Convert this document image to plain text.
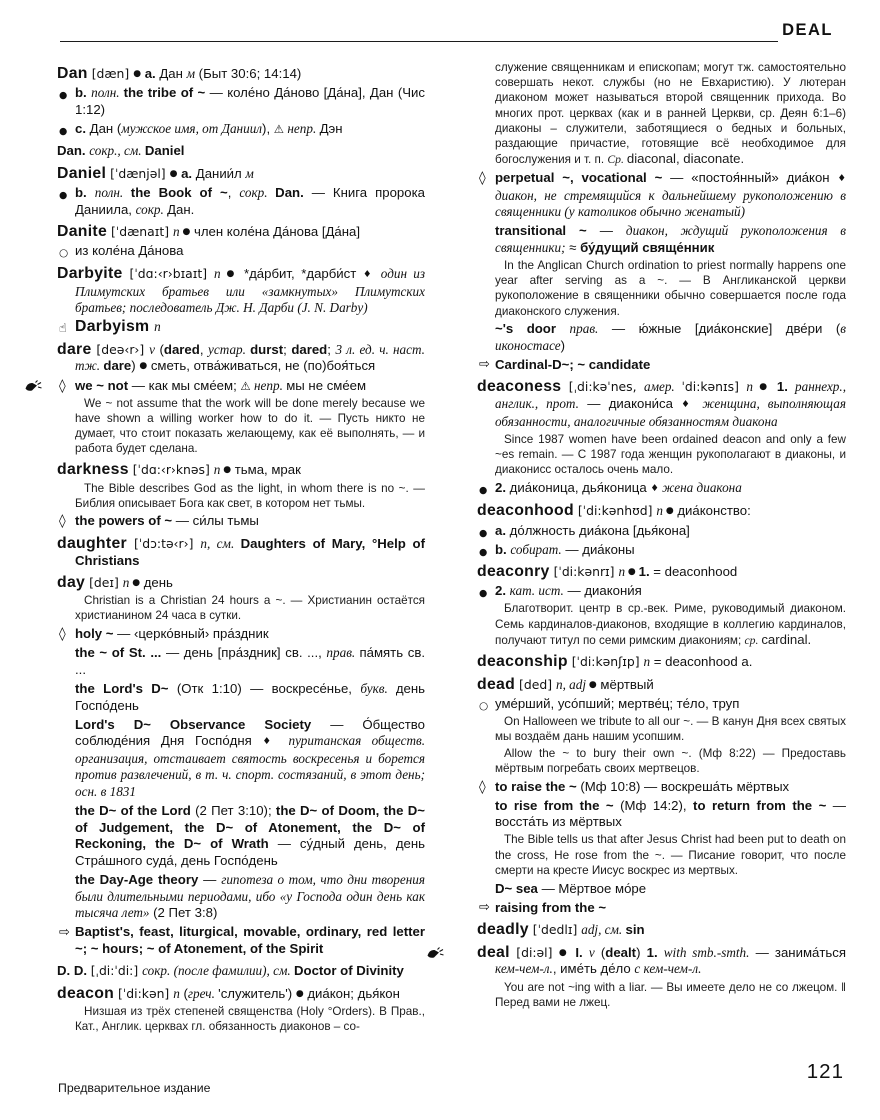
DEAL

Dan [dæn] ● a. Дан м (Быт 30:6; 14:14)

● b. полн. the tribe of ~ — коле́но Да́ново [Да́на], Дан (Чис 1:12)

● c. Дан (мужское имя, от Даниил), ⚠ непр. Дэн

Dan. сокр., см. Daniel

Daniel [ˈdænjəl] ● a. Дании́л м

● b. полн. the Book of ~, сокр. Dan. — Книга пророка Даниила, сокр. Дан.

Danite [ˈdænaɪt] n ● член коле́на Да́нова [Да́на]

○ из коле́на Да́нова

Darbyite [ˈdɑ:‹r›bɪaɪt] n ● *да́рбит, *дарби́ст ♦ один из Плимутских братьев или «замкнутых» Плимутских братьев; последователь Дж. Н. Дарби (J. N. Darby)

☝ Darbyism n

dare [deə‹r›] v (dared, устар. durst; dared; 3 л. ед. ч. наст. тж. dare) ● сметь, отва́живаться, не (по)боя́ться

◊ we ~ not — как мы сме́ем; ⚠ непр. мы не сме́ем

We ~ not assume that the work will be done merely because we have shown a willing worker how to do it. — Пусть никто не думает, что стоит показать желающему, как её выполнять, — и работа будет сделана.

darkness [ˈdɑ:‹r›knəs] n ● тьма, мрак

The Bible describes God as the light, in whom there is no ~. — Библия описывает Бога как свет, в котором нет тьмы.

◊ the powers of ~ — си́лы тьмы

daughter [ˈdɔ:tə‹r›] n, см. Daughters of Mary, °Help of Christians

day [deɪ] n ● день

Christian is a Christian 24 hours a ~. — Христианин остаётся христианином 24 часа в сутки.

◊ holy ~ — ‹церко́вный› пра́здник

the ~ of St. ... — день [пра́здник] св. ..., прав. па́мять св. ...

the Lord's D~ (Отк 1:10) — воскресе́нье, букв. день Госпо́день

Lord's D~ Observance Society — О́бщество соблюде́ния Дня Госпо́дня ♦ пуританская обществ. организация, отстаивает святость воскресенья и борется против развлечений, в т. ч. спорт. состязаний, в этот день; осн. в 1831

the D~ of the Lord (2 Пет 3:10); the D~ of Doom, the D~ of Judgement, the D~ of Atonement, the D~ of Reckoning, the D~ of Wrath — су́дный день, день Стра́шного суда́, день Госпо́день

the Day-Age theory — гипотеза о том, что дни творения были длительными периодами, ибо «у Господа один день как тысяча лет» (2 Пет 3:8)

⇨ Baptist's, feast, liturgical, movable, ordinary, red letter ~; ~ hours; ~ of Atonement, of the Spirit

D. D. [ˌdi:ˈdi:] сокр. (после фамилии), см. Doctor of Divinity

deacon [ˈdi:kən] n (греч. 'служитель') ● диа́кон; дья́кон

Низшая из трёх степеней священства (Holy °Orders). В Прав., Кат., Англик. церквах гл. обязанность диаконов – со-

служение священникам и епископам; могут тж. самостоятельно совершать некот. службы (но не Евхаристию). У лютеран диаконом может называться второй священник прихода. Во многих прот. церквах (как и в ранней Церкви, ср. Деян 6:1–6) диаконы – служители, заботящиеся о бедных и больных, раздающие причастие, готовящие всё необходимое для богослужения и т. п. Ср. diaconal, diaconate.

◊ perpetual ~, vocational ~ — «постоя́нный» диа́кон ♦ диакон, не стремящийся к дальнейшему рукоположению в священники (у католиков обычно женатый)

transitional ~ — диакон, ждущий рукоположения в священники; ≈ бу́дущий свяще́нник

In the Anglican Church ordination to priest normally happens one year after serving as a ~. — В Англиканской церкви рукоположение в священники обычно совершается после года диаконского служения.

~'s door прав. — ю́жные [диа́конские] две́ри (в иконостасе)

⇨ Cardinal-D~; ~ candidate

deaconess [ˌdi:kəˈnes, амер. ˈdi:kənɪs] n ● 1. раннехр., англик., прот. — диакони́са ♦ женщина, выполняющая обязанности, аналогичные обязанностям диакона

Since 1987 women have been ordained deacon and only a few ~es remain. — С 1987 года женщин рукополагают в диаконы, и диаконисс осталось очень мало.

● 2. диа́коница, дья́коница ♦ жена диакона

deaconhood [ˈdi:kənhʊd] n ● диа́конство:

● a. до́лжность диа́кона [дья́кона]

● b. собират. — диа́коны

deaconry [ˈdi:kənrɪ] n ● 1. = deaconhood

● 2. кат. ист. — диакони́я

Благотворит. центр в ср.-век. Риме, руководимый диаконом. Семь кардиналов-диаконов, входящие в коллегию кардиналов, получают титул по семи римским диакониям; ср. cardinal.

deaconship [ˈdi:kənʃɪp] n = deaconhood a.

dead [ded] n, adj ● мёртвый

○ уме́рший, усо́пший; мертве́ц; те́ло, труп

On Halloween we tribute to all our ~. — В канун Дня всех святых мы воздаём дань нашим усопшим.

Allow the ~ to bury their own ~. (Мф 8:22) — Предоставь мёртвым погребать своих мертвецов.

◊ to raise the ~ (Мф 10:8) — воскреша́ть мёртвых

to rise from the ~ (Мф 14:2), to return from the ~ — восста́ть из мёртвых

The Bible tells us that after Jesus Christ had been put to death on the cross, He rose from the ~. — Писание говорит, что после смерти на кресте Иисус воскрес из мертвых.

D~ sea — Мёртвое мо́ре

⇨ raising from the ~

deadly [ˈdedlɪ] adj, см. sin

deal [di:əl] ● I. v (dealt) 1. with smb.-smth. — занима́ться кем-чем-л., име́ть де́ло с кем-чем-л.

You are not ~ing with a liar. — Вы имеете дело не со лжецом. ‖ Перед вами не лжец.

Предварительное издание
121
